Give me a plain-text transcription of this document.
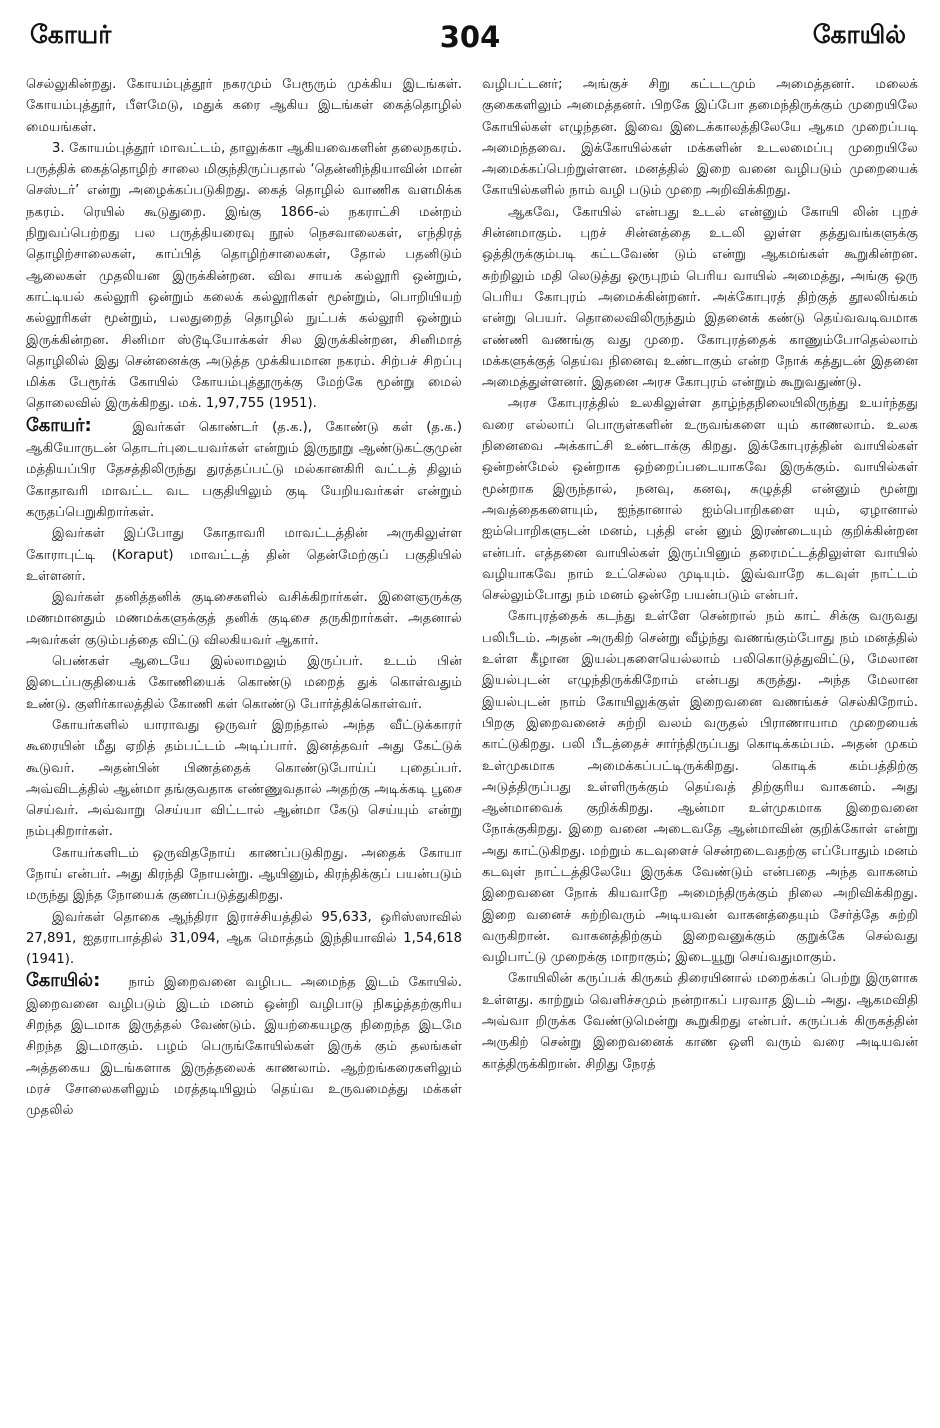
கோயர்	304	கோயில்

செல்லுகின்றது. கோயம்புத்தூர் நகரமும் பேரூரும் முக்கிய இடங்கள். கோயம்புத்தூர், பீளமேடு, மதுக் கரை ஆகிய இடங்கள் கைத்தொழில் மையங்கள்.

3. கோயம்புத்தூர் மாவட்டம், தாலுக்கா ஆகியவைகளின் தலைநகரம். பருத்திக் கைத்தொழிற் சாலை மிகுந்திருப்பதால் ‘தென்னிந்தியாவின் மான் செஸ்டர்’ என்று அழைக்கப்படுகிறது. கைத் தொழில் வாணிக வளமிக்க நகரம். ரெயில் கூடுதுறை. இங்கு 1866-ல் நகராட்சி மன்றம் நிறுவப்பெற்றது பல பருத்தியரைவு நூல் நெசவாலைகள், எந்திரத் தொழிற்சாலைகள், காப்பித் தொழிற்சாலைகள், தோல் பதனிடும் ஆலைகள் முதலியன இருக்கின்றன. விவ சாயக் கல்லூரி ஒன்றும், காட்டியல் கல்லூரி ஒன்றும் கலைக் கல்லூரிகள் மூன்றும், பொறியியற் கல்லூரிகள் மூன்றும், பலதுறைத் தொழில் நுட்பக் கல்லூரி ஒன்றும் இருக்கின்றன. சினிமா ஸ்டூடியோக்கள் சில இருக்கின்றன, சினிமாத் தொழிலில் இது சென்னைக்கு அடுத்த முக்கியமான நகரம். சிற்பச் சிறப்பு மிக்க பேரூர்க் கோயில் கோயம்புத்தூருக்கு மேற்கே மூன்று மைல் தொலைவில் இருக்கிறது. மக். 1,97,755 (1951).

கோயர்:	இவர்கள் கொண்டர் (த.க.), கோண்டு கள் (த.க.) ஆகியோருடன் தொடர்புடையவர்கள் என்றும் இருநூறு ஆண்டுகட்குமுன் மத்தியப்பிர தேசத்திலிருந்து துரத்தப்பட்டு மல்கானகிரி வட்டத் திலும் கோதாவரி மாவட்ட வட பகுதியிலும் குடி யேறியவர்கள் என்றும் கருதப்பெறுகிறார்கள்.

இவர்கள் இப்போது கோதாவரி மாவட்டத்தின் அருகிலுள்ள கோராபுட்டி (Koraput) மாவட்டத் தின் தென்மேற்குப் பகுதியில் உள்ளனர்.

இவர்கள் தனித்தனிக் குடிசைகளில் வசிக்கிறார்கள். இளைஞருக்கு மணமானதும் மணமக்களுக்குத் தனிக் குடிசை தருகிறார்கள். அதனால் அவர்கள் குடும்பத்தை விட்டு விலகியவர் ஆகார்.

பெண்கள் ஆடையே இல்லாமலும் இருப்பர். உடம் பின் இடைப்பகுதியைக் கோணியைக் கொண்டு மறைத் துக் கொள்வதும் உண்டு. குளிர்காலத்தில் கோணி கள் கொண்டு போர்த்திக்கொள்வர்.

கோயர்களில் யாராவது ஒருவர் இறந்தால் அந்த வீட்டுக்காரர் கூரையின் மீது ஏறித் தம்பட்டம் அடிப்பார். இனத்தவர் அது கேட்டுக் கூடுவர். அதன்பின் பிணத்தைக் கொண்டுபோய்ப் புதைப்பர். அவ்விடத்தில் ஆன்மா தங்குவதாக எண்ணுவதால் அதற்கு அடிக்கடி பூசை செய்வர். அவ்வாறு செய்யா விட்டால் ஆன்மா கேடு செய்யும் என்று நம்புகிறார்கள்.

கோயர்களிடம் ஒருவிதநோய் காணப்படுகிறது. அதைக் கோயா நோய் என்பர். அது கிரந்தி நோயன்று. ஆயினும், கிரந்திக்குப் பயன்படும் மருந்து இந்த நோயைக் குணப்படுத்துகிறது.

இவர்கள் தொகை ஆந்திரா இராச்சியத்தில் 95,633, ஒரிஸ்ஸாவில் 27,891, ஐதராபாத்தில் 31,094, ஆக மொத்தம் இந்தியாவில் 1,54,618 (1941).

கோயில்: நாம் இறைவனை வழிபட அமைந்த இடம் கோயில். இறைவனை வழிபடும் இடம் மனம் ஒன்றி வழிபாடு நிகழ்த்தற்குரிய சிறந்த இடமாக இருத்தல் வேண்டும். இயற்கையழகு நிறைந்த இடமே சிறந்த இடமாகும். பழம் பெருங்கோயில்கள் இருக் கும் தலங்கள் அத்தகைய இடங்களாக இருத்தலைக் காணலாம். ஆற்றங்கரைகளிலும் மரச் சோலைகளிலும் மரத்தடியிலும் தெய்வ உருவமைத்து மக்கள் முதலில்

வழிபட்டனர்; அங்குச் சிறு கட்டடமும் அமைத்தனர். மலைக் குகைகளிலும் அமைத்தனர். பிறகே இப்போ தமைந்திருக்கும் முறையிலே கோயில்கள் எழுந்தன. இவை இடைக்காலத்திலேயே ஆகம முறைப்படி அமைந்தவை. இக்கோயில்கள் மக்களின் உடலமைப்பு முறையிலே அமைக்கப்பெற்றுள்ளன. மனத்தில் இறை வனை வழிபடும் முறையைக் கோயில்களில் நாம் வழி படும் முறை அறிவிக்கிறது.

ஆகவே, கோயில் என்பது உடல் என்னும் கோயி லின் புறச் சின்னமாகும். புறச் சின்னத்தை உடலி லுள்ள தத்துவங்களுக்கு ஒத்திருக்கும்படி கட்டவேண் டும் என்று ஆகமங்கள் கூறுகின்றன. சுற்றிலும் மதி லெடுத்து ஒருபுறம் பெரிய வாயில் அமைத்து, அங்கு ஒரு பெரிய கோபுரம் அமைக்கின்றனர். அக்கோபுரத் திற்குத் தூலலிங்கம் என்று பெயர். தொலைவிலிருந்தும் இதனைக் கண்டு தெய்வவடிவமாக எண்ணி வணங்கு வது முறை. கோபுரத்தைக் காணும்போதெல்லாம் மக்களுக்குத் தெய்வ நினைவு உண்டாகும் என்ற நோக் கத்துடன் இதனை அமைத்துள்ளனர். இதனை அரச கோபுரம் என்றும் கூறுவதுண்டு.

அரச கோபுரத்தில் உலகிலுள்ள தாழ்ந்தநிலையிலிருந்து உயர்ந்தது வரை எல்லாப் பொருள்களின் உருவங்களை யும் காணலாம். உலக நினைவை அக்காட்சி உண்டாக்கு கிறது. இக்கோபுரத்தின் வாயில்கள் ஒன்றன்மேல் ஒன்றாக ஒற்றைப்படையாகவே இருக்கும். வாயில்கள் மூன்றாக இருந்தால், நனவு, கனவு, சுழுத்தி என்னும் மூன்று அவத்தைகளையும், ஐந்தானால் ஐம்பொறிகளை யும், ஏழானால் ஐம்பொறிகளுடன் மனம், புத்தி என் னும் இரண்டையும் குறிக்கின்றன என்பர். எத்தனை வாயில்கள் இருப்பினும் தரைமட்டத்திலுள்ள வாயில் வழியாகவே நாம் உட்செல்ல முடியும். இவ்வாறே கடவுள் நாட்டம் செல்லும்போது நம் மனம் ஒன்றே பயன்படும் என்பர்.

கோபுரத்தைக் கடந்து உள்ளே சென்றால் நம் காட் சிக்கு வருவது பலிபீடம். அதன் அருகிற் சென்று வீழ்ந்து வணங்கும்போது நம் மனத்தில் உள்ள கீழான இயல்புகளையெல்லாம் பலிகொடுத்துவிட்டு, மேலான இயல்புடன் எழுந்திருக்கிறோம் என்பது கருத்து. அந்த மேலான இயல்புடன் நாம் கோயிலுக்குள் இறைவனை வணங்கச் செல்கிறோம். பிறகு இறைவனைச் சுற்றி வலம் வருதல் பிராணாயாம முறையைக் காட்டுகிறது. பலி பீடத்தைச் சார்ந்திருப்பது கொடிக்கம்பம். அதன் முகம் உள்முகமாக அமைக்கப்பட்டிருக்கிறது. கொடிக் கம்பத்திற்கு அடுத்திருப்பது உள்ளிருக்கும் தெய்வத் திற்குரிய வாகனம். அது ஆன்மாவைக் குறிக்கிறது. ஆன்மா உள்முகமாக இறைவனை நோக்குகிறது. இறை வனை அடைவதே ஆன்மாவின் குறிக்கோள் என்று அது காட்டுகிறது. மற்றும் கடவுளைச் சென்றடைவதற்கு எப்போதும் மனம் கடவுள் நாட்டத்திலேயே இருக்க வேண்டும் என்பதை அந்த வாகனம் இறைவனை நோக் கியவாறே அமைந்திருக்கும் நிலை அறிவிக்கிறது. இறை வனைச் சுற்றிவரும் அடியவன் வாகனத்தையும் சேர்த்தே சுற்றி வருகிறான். வாகனத்திற்கும் இறைவனுக்கும் குறுக்கே செல்வது வழிபாட்டு முறைக்கு மாறாகும்; இடையூறு செய்வதுமாகும்.

கோயிலின் கருப்பக் கிருகம் திரையினால் மறைக்கப் பெற்று இருளாக உள்ளது. காற்றும் வெளிச்சமும் நன்றாகப் பரவாத இடம் அது. ஆகமவிதி அவ்வா றிருக்க வேண்டுமென்று கூறுகிறது என்பர். கருப்பக் கிருகத்தின் அருகிற் சென்று இறைவனைக் காண ஒளி வரும் வரை அடியவன் காத்திருக்கிறான். சிறிது நேரத்
